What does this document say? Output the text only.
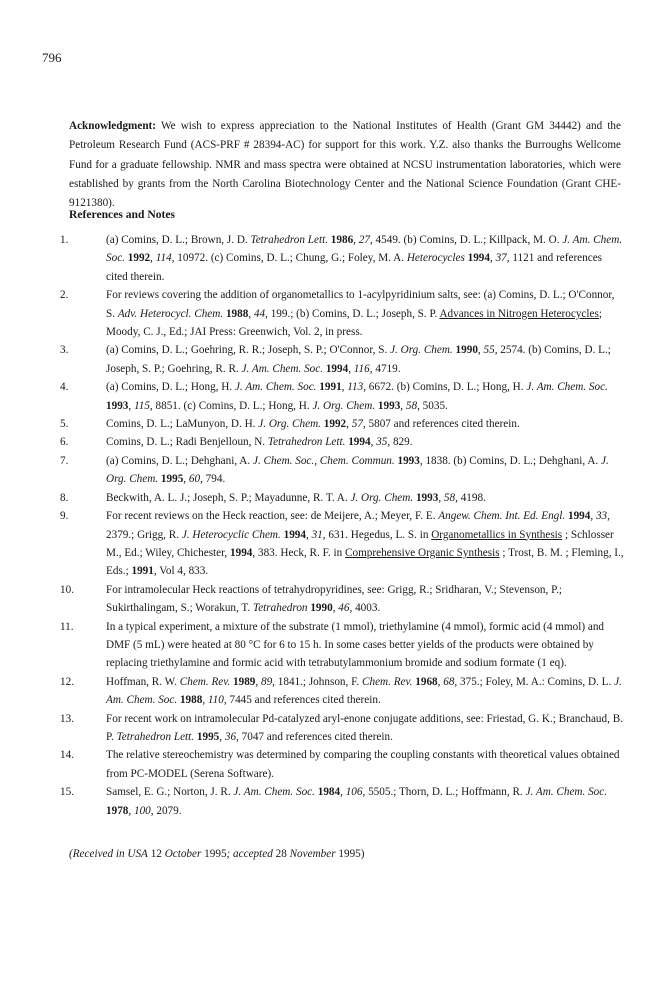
796

Acknowledgment: We wish to express appreciation to the National Institutes of Health (Grant GM 34442) and the Petroleum Research Fund (ACS-PRF # 28394-AC) for support for this work. Y.Z. also thanks the Burroughs Wellcome Fund for a graduate fellowship. NMR and mass spectra were obtained at NCSU instrumentation laboratories, which were established by grants from the North Carolina Biotechnology Center and the National Science Foundation (Grant CHE-9121380).

References and Notes
1.	(a) Comins, D. L.; Brown, J. D. Tetrahedron Lett. 1986, 27, 4549. (b) Comins, D. L.; Killpack, M. O. J. Am. Chem. Soc. 1992, 114, 10972. (c) Comins, D. L.; Chung, G.; Foley, M. A. Heterocycles 1994, 37, 1121 and references cited therein.
2.	For reviews covering the addition of organometallics to 1-acylpyridinium salts, see: (a) Comins, D. L.; O'Connor, S. Adv. Heterocycl. Chem. 1988, 44, 199.; (b) Comins, D. L.; Joseph, S. P. Advances in Nitrogen Heterocycles; Moody, C. J., Ed.; JAI Press: Greenwich, Vol. 2, in press.
3.	(a) Comins, D. L.; Goehring, R. R.; Joseph, S. P.; O'Connor, S. J. Org. Chem. 1990, 55, 2574. (b) Comins, D. L.; Joseph, S. P.; Goehring, R. R. J. Am. Chem. Soc. 1994, 116, 4719.
4.	(a) Comins, D. L.; Hong, H. J. Am. Chem. Soc. 1991, 113, 6672. (b) Comins, D. L.; Hong, H. J. Am. Chem. Soc. 1993, 115, 8851. (c) Comins, D. L.; Hong, H. J. Org. Chem. 1993, 58, 5035.
5.	Comins, D. L.; LaMunyon, D. H. J. Org. Chem. 1992, 57, 5807 and references cited therein.
6.	Comins, D. L.; Radi Benjelloun, N. Tetrahedron Lett. 1994, 35, 829.
7.	(a) Comins, D. L.; Dehghani, A. J. Chem. Soc., Chem. Commun. 1993, 1838. (b) Comins, D. L.; Dehghani, A. J. Org. Chem. 1995, 60, 794.
8.	Beckwith, A. L. J.; Joseph, S. P.; Mayadunne, R. T. A. J. Org. Chem. 1993, 58, 4198.
9.	For recent reviews on the Heck reaction, see: de Meijere, A.; Meyer, F. E. Angew. Chem. Int. Ed. Engl. 1994, 33, 2379.; Grigg, R. J. Heterocyclic Chem. 1994, 31, 631. Hegedus, L. S. in Organometallics in Synthesis ; Schlosser M., Ed.; Wiley, Chichester, 1994, 383. Heck, R. F. in Comprehensive Organic Synthesis ; Trost, B. M. ; Fleming, I., Eds.; 1991, Vol 4, 833.
10.	For intramolecular Heck reactions of tetrahydropyridines, see: Grigg, R.; Sridharan, V.; Stevenson, P.; Sukirthalingam, S.; Worakun, T. Tetrahedron 1990, 46, 4003.
11.	In a typical experiment, a mixture of the substrate (1 mmol), triethylamine (4 mmol), formic acid (4 mmol) and DMF (5 mL) were heated at 80 °C for 6 to 15 h. In some cases better yields of the products were obtained by replacing triethylamine and formic acid with tetrabutylammonium bromide and sodium formate (1 eq).
12.	Hoffman, R. W. Chem. Rev. 1989, 89, 1841.; Johnson, F. Chem. Rev. 1968, 68, 375.; Foley, M. A.: Comins, D. L. J. Am. Chem. Soc. 1988, 110, 7445 and references cited therein.
13.	For recent work on intramolecular Pd-catalyzed aryl-enone conjugate additions, see: Friestad, G. K.; Branchaud, B. P. Tetrahedron Lett. 1995, 36, 7047 and references cited therein.
14.	The relative stereochemistry was determined by comparing the coupling constants with theoretical values obtained from PC-MODEL (Serena Software).
15.	Samsel, E. G.; Norton, J. R. J. Am. Chem. Soc. 1984, 106, 5505.; Thorn, D. L.; Hoffmann, R. J. Am. Chem. Soc. 1978, 100, 2079.
(Received in USA 12 October 1995; accepted 28 November 1995)
